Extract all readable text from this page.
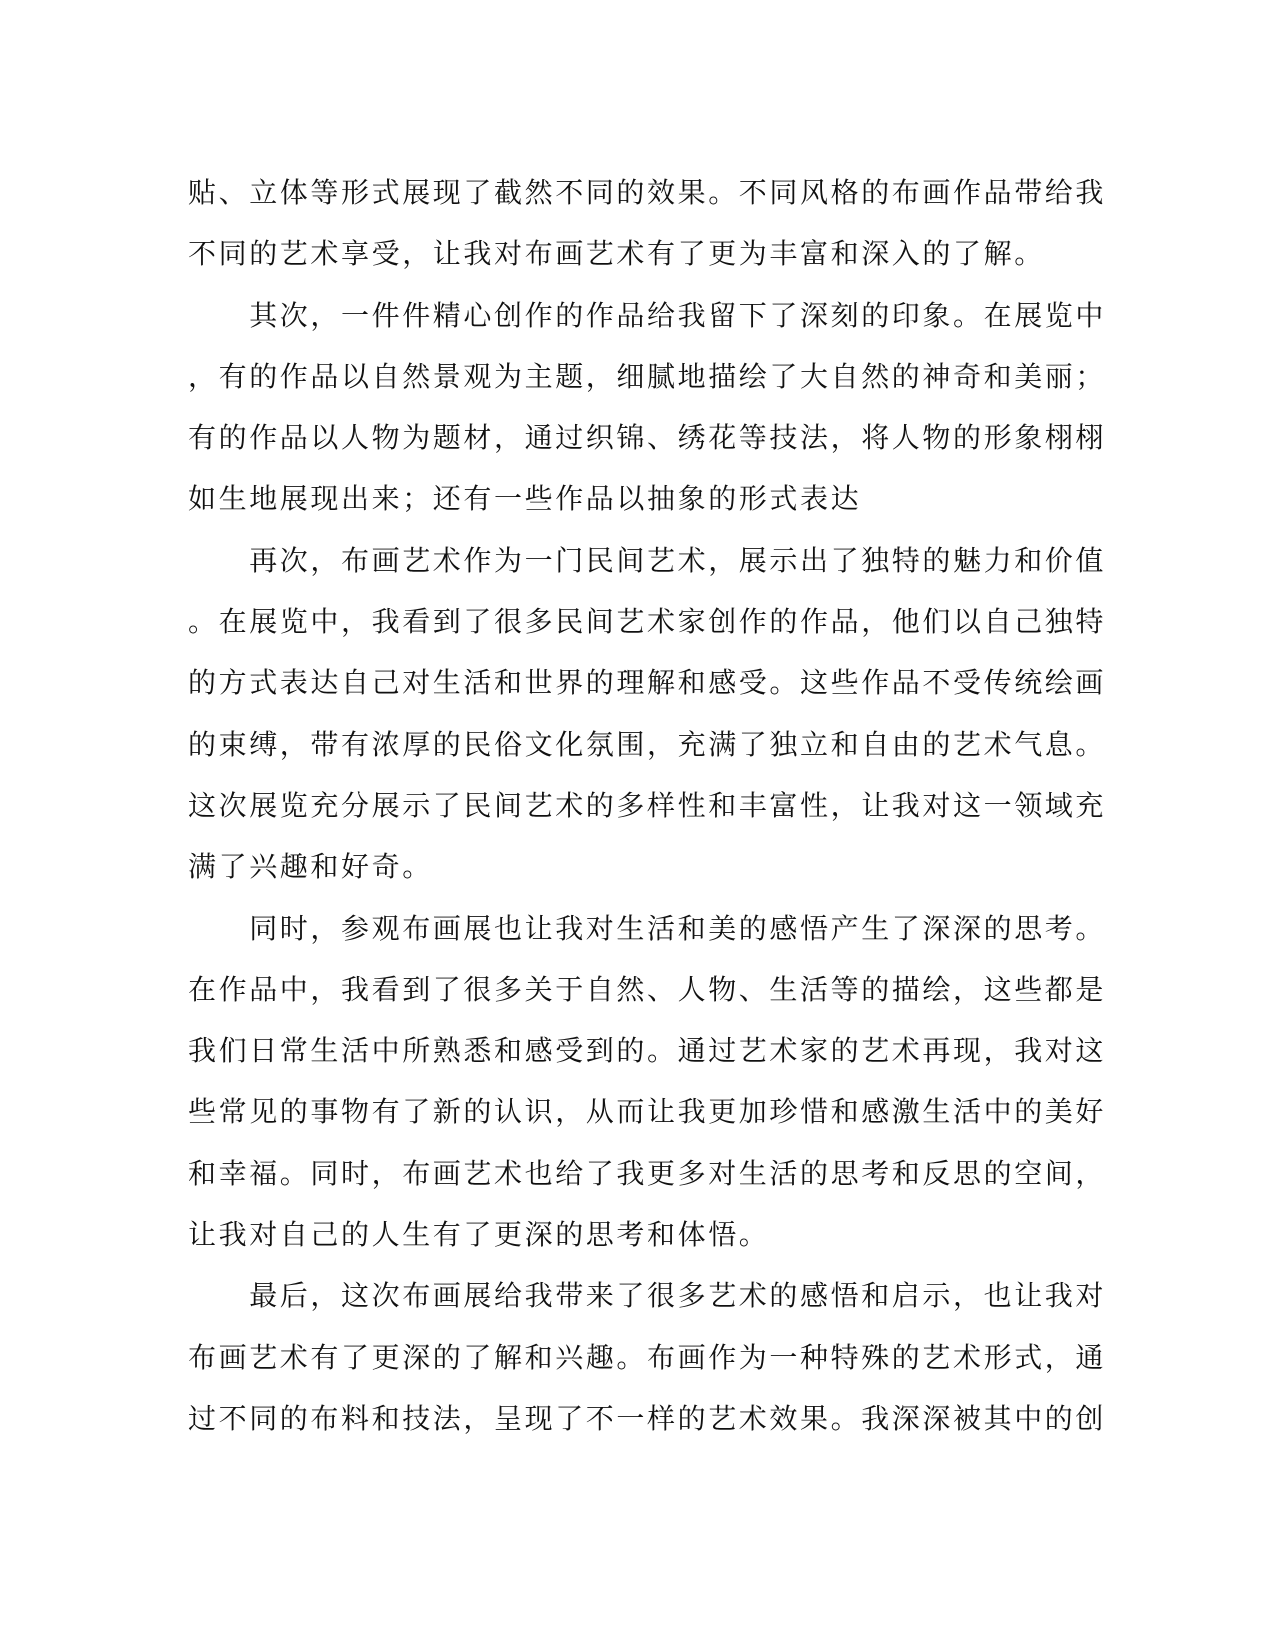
贴、立体等形式展现了截然不同的效果。不同风格的布画作品带给我
不同的艺术享受，让我对布画艺术有了更为丰富和深入的了解。
　　其次，一件件精心创作的作品给我留下了深刻的印象。在展览中
，有的作品以自然景观为主题，细腻地描绘了大自然的神奇和美丽；
有的作品以人物为题材，通过织锦、绣花等技法，将人物的形象栩栩
如生地展现出来；还有一些作品以抽象的形式表达
　　再次，布画艺术作为一门民间艺术，展示出了独特的魅力和价值
。在展览中，我看到了很多民间艺术家创作的作品，他们以自己独特
的方式表达自己对生活和世界的理解和感受。这些作品不受传统绘画
的束缚，带有浓厚的民俗文化氛围，充满了独立和自由的艺术气息。
这次展览充分展示了民间艺术的多样性和丰富性，让我对这一领域充
满了兴趣和好奇。
　　同时，参观布画展也让我对生活和美的感悟产生了深深的思考。
在作品中，我看到了很多关于自然、人物、生活等的描绘，这些都是
我们日常生活中所熟悉和感受到的。通过艺术家的艺术再现，我对这
些常见的事物有了新的认识，从而让我更加珍惜和感激生活中的美好
和幸福。同时，布画艺术也给了我更多对生活的思考和反思的空间，
让我对自己的人生有了更深的思考和体悟。
　　最后，这次布画展给我带来了很多艺术的感悟和启示，也让我对
布画艺术有了更深的了解和兴趣。布画作为一种特殊的艺术形式，通
过不同的布料和技法，呈现了不一样的艺术效果。我深深被其中的创
